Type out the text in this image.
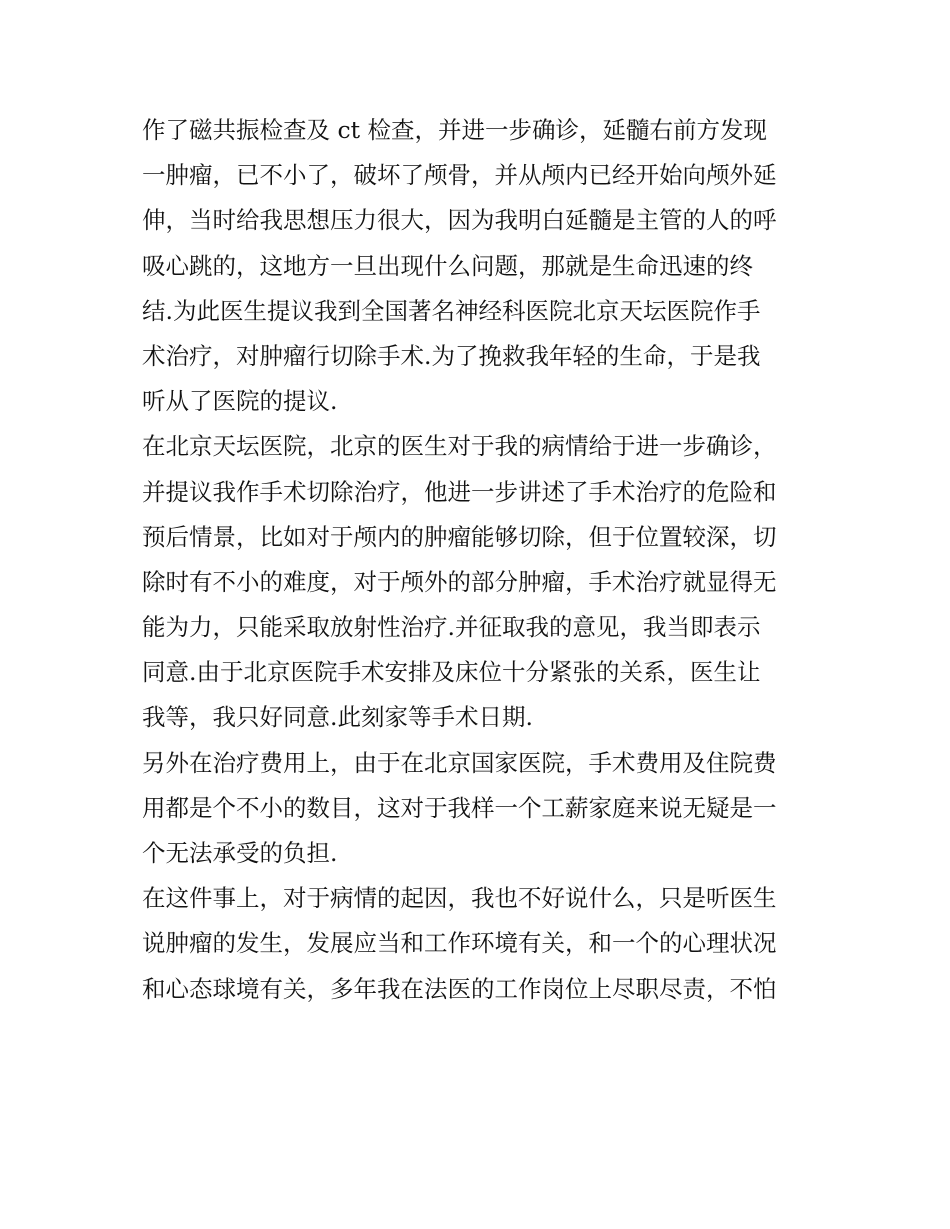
作了磁共振检查及 ct 检查，并进一步确诊，延髓右前方发现
一肿瘤，已不小了，破坏了颅骨，并从颅内已经开始向颅外延
伸，当时给我思想压力很大，因为我明白延髓是主管的人的呼
吸心跳的，这地方一旦出现什么问题，那就是生命迅速的终
结.为此医生提议我到全国著名神经科医院北京天坛医院作手
术治疗，对肿瘤行切除手术.为了挽救我年轻的生命，于是我
听从了医院的提议.
在北京天坛医院，北京的医生对于我的病情给于进一步确诊，
并提议我作手术切除治疗，他进一步讲述了手术治疗的危险和
预后情景，比如对于颅内的肿瘤能够切除，但于位置较深，切
除时有不小的难度，对于颅外的部分肿瘤，手术治疗就显得无
能为力，只能采取放射性治疗.并征取我的意见，我当即表示
同意.由于北京医院手术安排及床位十分紧张的关系，医生让
我等，我只好同意.此刻家等手术日期.
另外在治疗费用上，由于在北京国家医院，手术费用及住院费
用都是个不小的数目，这对于我样一个工薪家庭来说无疑是一
个无法承受的负担.
在这件事上，对于病情的起因，我也不好说什么，只是听医生
说肿瘤的发生，发展应当和工作环境有关，和一个的心理状况
和心态球境有关，多年我在法医的工作岗位上尽职尽责，不怕
